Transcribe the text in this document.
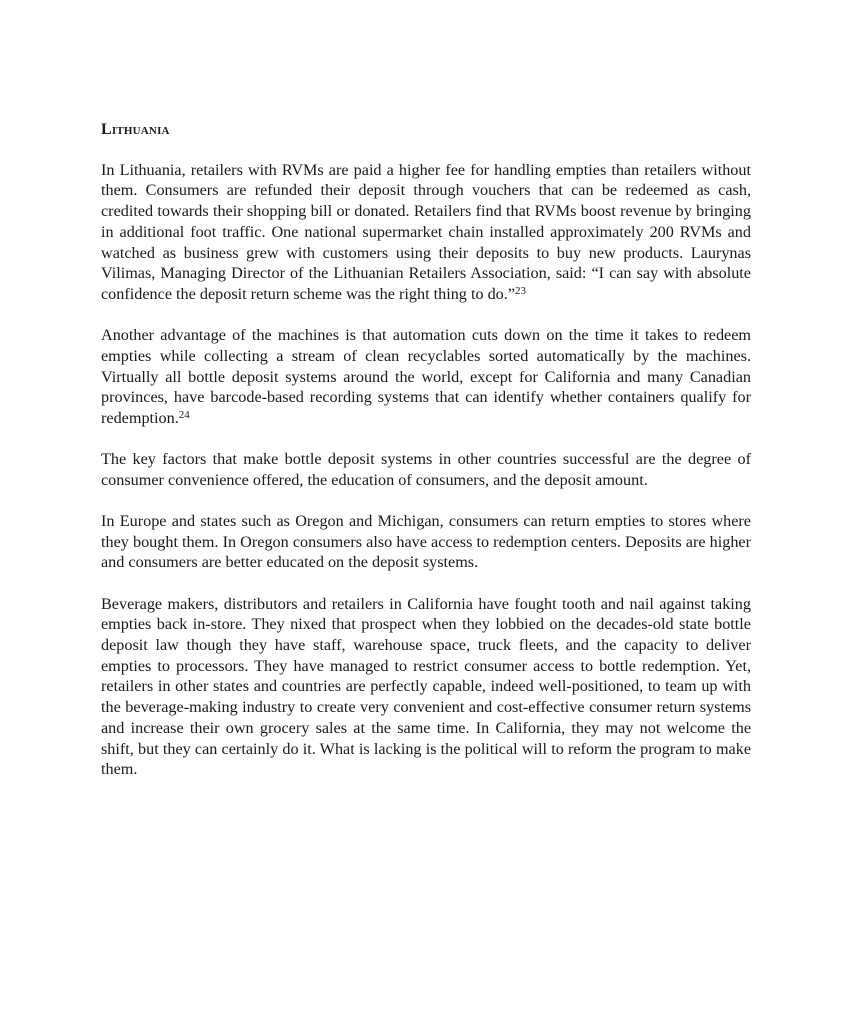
Lithuania

In Lithuania, retailers with RVMs are paid a higher fee for handling empties than retailers without them. Consumers are refunded their deposit through vouchers that can be redeemed as cash, credited towards their shopping bill or donated. Retailers find that RVMs boost revenue by bringing in additional foot traffic. One national supermarket chain installed approximately 200 RVMs and watched as business grew with customers using their deposits to buy new products. Laurynas Vilimas, Managing Director of the Lithuanian Retailers Association, said: “I can say with absolute confidence the deposit return scheme was the right thing to do.”$^{23}$

Another advantage of the machines is that automation cuts down on the time it takes to redeem empties while collecting a stream of clean recyclables sorted automatically by the machines. Virtually all bottle deposit systems around the world, except for California and many Canadian provinces, have barcode-based recording systems that can identify whether containers qualify for redemption.$^{24}$

The key factors that make bottle deposit systems in other countries successful are the degree of consumer convenience offered, the education of consumers, and the deposit amount.

In Europe and states such as Oregon and Michigan, consumers can return empties to stores where they bought them. In Oregon consumers also have access to redemption centers. Deposits are higher and consumers are better educated on the deposit systems.

Beverage makers, distributors and retailers in California have fought tooth and nail against taking empties back in-store. They nixed that prospect when they lobbied on the decades-old state bottle deposit law though they have staff, warehouse space, truck fleets, and the capacity to deliver empties to processors. They have managed to restrict consumer access to bottle redemption. Yet, retailers in other states and countries are perfectly capable, indeed well-positioned, to team up with the beverage-making industry to create very convenient and cost-effective consumer return systems and increase their own grocery sales at the same time. In California, they may not welcome the shift, but they can certainly do it. What is lacking is the political will to reform the program to make them.
